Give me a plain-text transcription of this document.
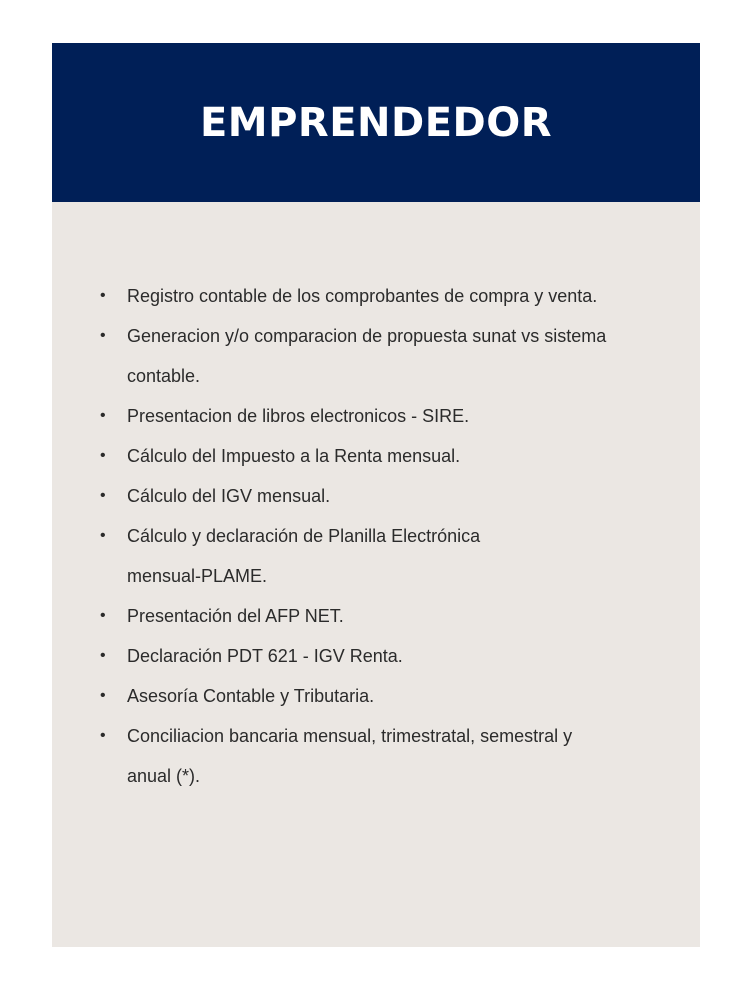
EMPRENDEDOR
• Registro contable de los comprobantes de compra y venta.
• Generacion y/o comparacion de propuesta sunat vs sistema
contable.
• Presentacion de libros electronicos - SIRE.
• Cálculo del Impuesto a la Renta mensual.
• Cálculo del IGV mensual.
• Cálculo y declaración de Planilla Electrónica
mensual-PLAME.
• Presentación del AFP NET.
• Declaración PDT 621 - IGV Renta.
• Asesoría Contable y Tributaria.
• Conciliacion bancaria mensual, trimestratal, semestral y
anual (*).
